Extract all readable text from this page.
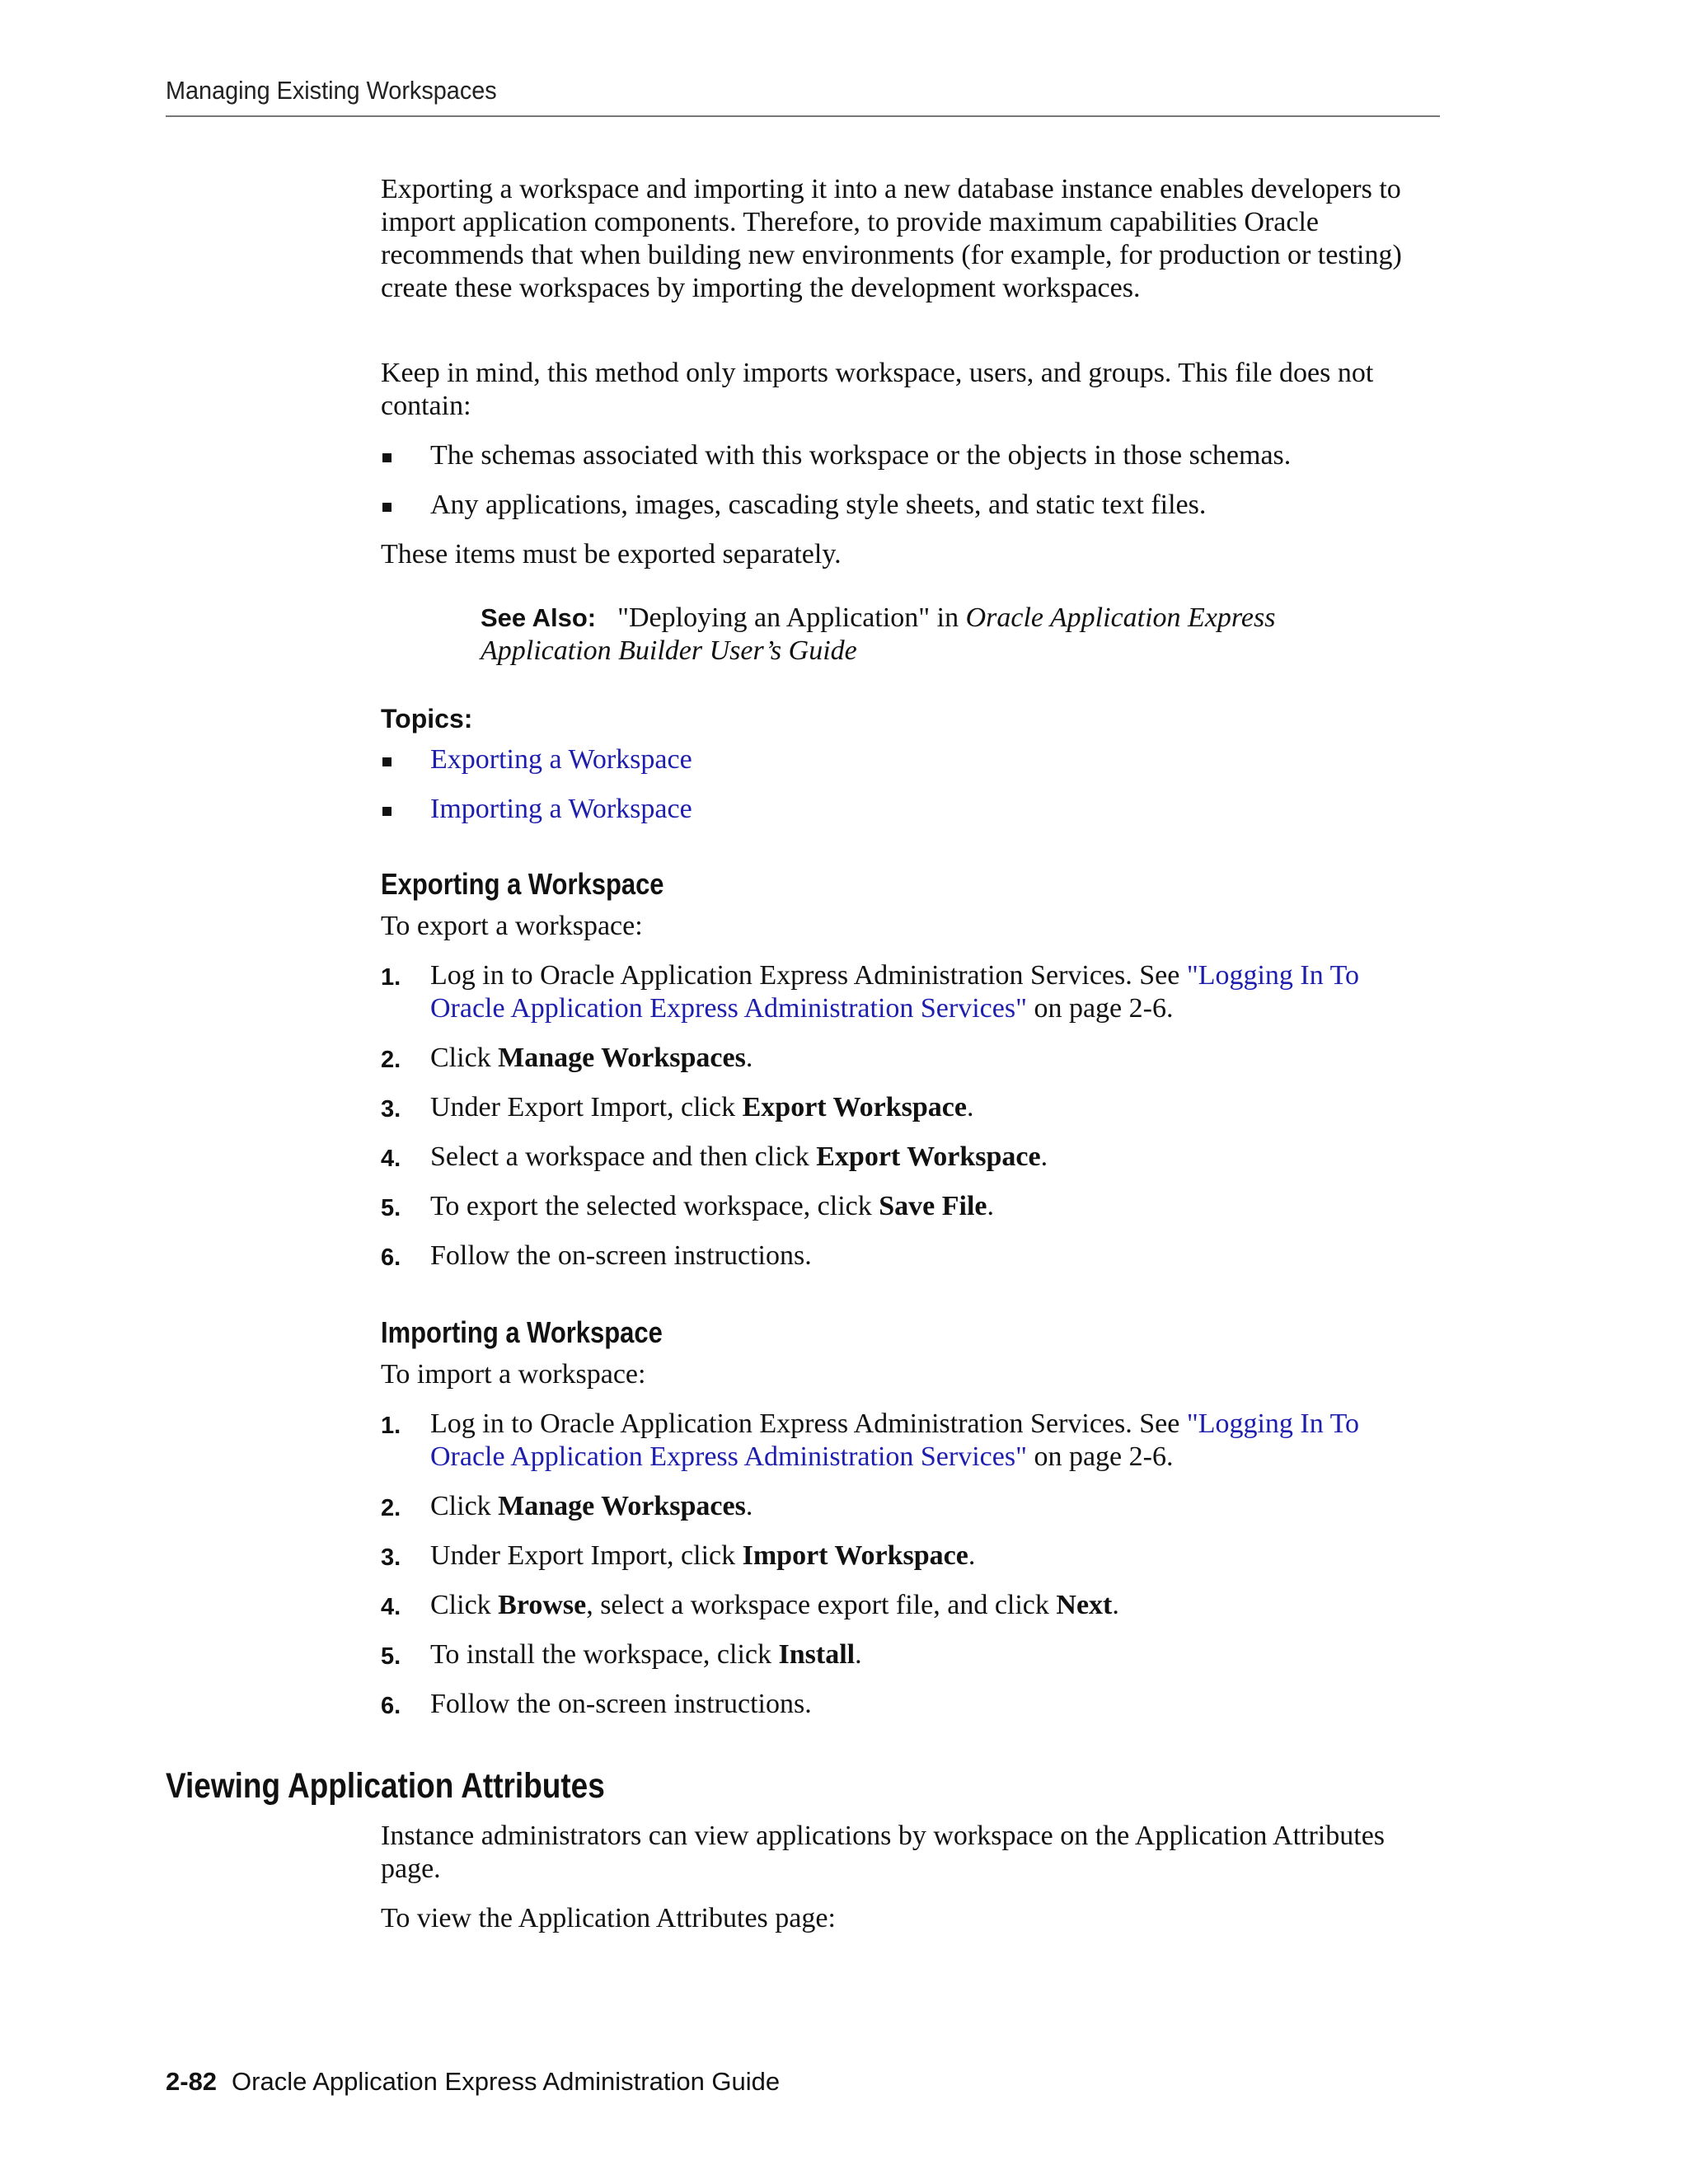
Managing Existing Workspaces

Exporting a workspace and importing it into a new database instance enables developers to import application components. Therefore, to provide maximum capabilities Oracle recommends that when building new environments (for example, for production or testing) create these workspaces by importing the development workspaces.

Keep in mind, this method only imports workspace, users, and groups. This file does not contain:

The schemas associated with this workspace or the objects in those schemas.
Any applications, images, cascading style sheets, and static text files.

These items must be exported separately.

See Also: "Deploying an Application" in Oracle Application Express
Application Builder User’s Guide
Topics:
Exporting a Workspace
Importing a Workspace
Exporting a Workspace

To export a workspace:

1. Log in to Oracle Application Express Administration Services. See "Logging In To
Oracle Application Express Administration Services" on page 2-6.
2. Click Manage Workspaces.
3. Under Export Import, click Export Workspace.
4. Select a workspace and then click Export Workspace.
5. To export the selected workspace, click Save File.
6. Follow the on-screen instructions.
Importing a Workspace

To import a workspace:

1. Log in to Oracle Application Express Administration Services. See "Logging In To
Oracle Application Express Administration Services" on page 2-6.
2. Click Manage Workspaces.
3. Under Export Import, click Import Workspace.
4. Click Browse, select a workspace export file, and click Next.
5. To install the workspace, click Install.
6. Follow the on-screen instructions.
Viewing Application Attributes

Instance administrators can view applications by workspace on the Application Attributes page.

To view the Application Attributes page:

2-82 Oracle Application Express Administration Guide
